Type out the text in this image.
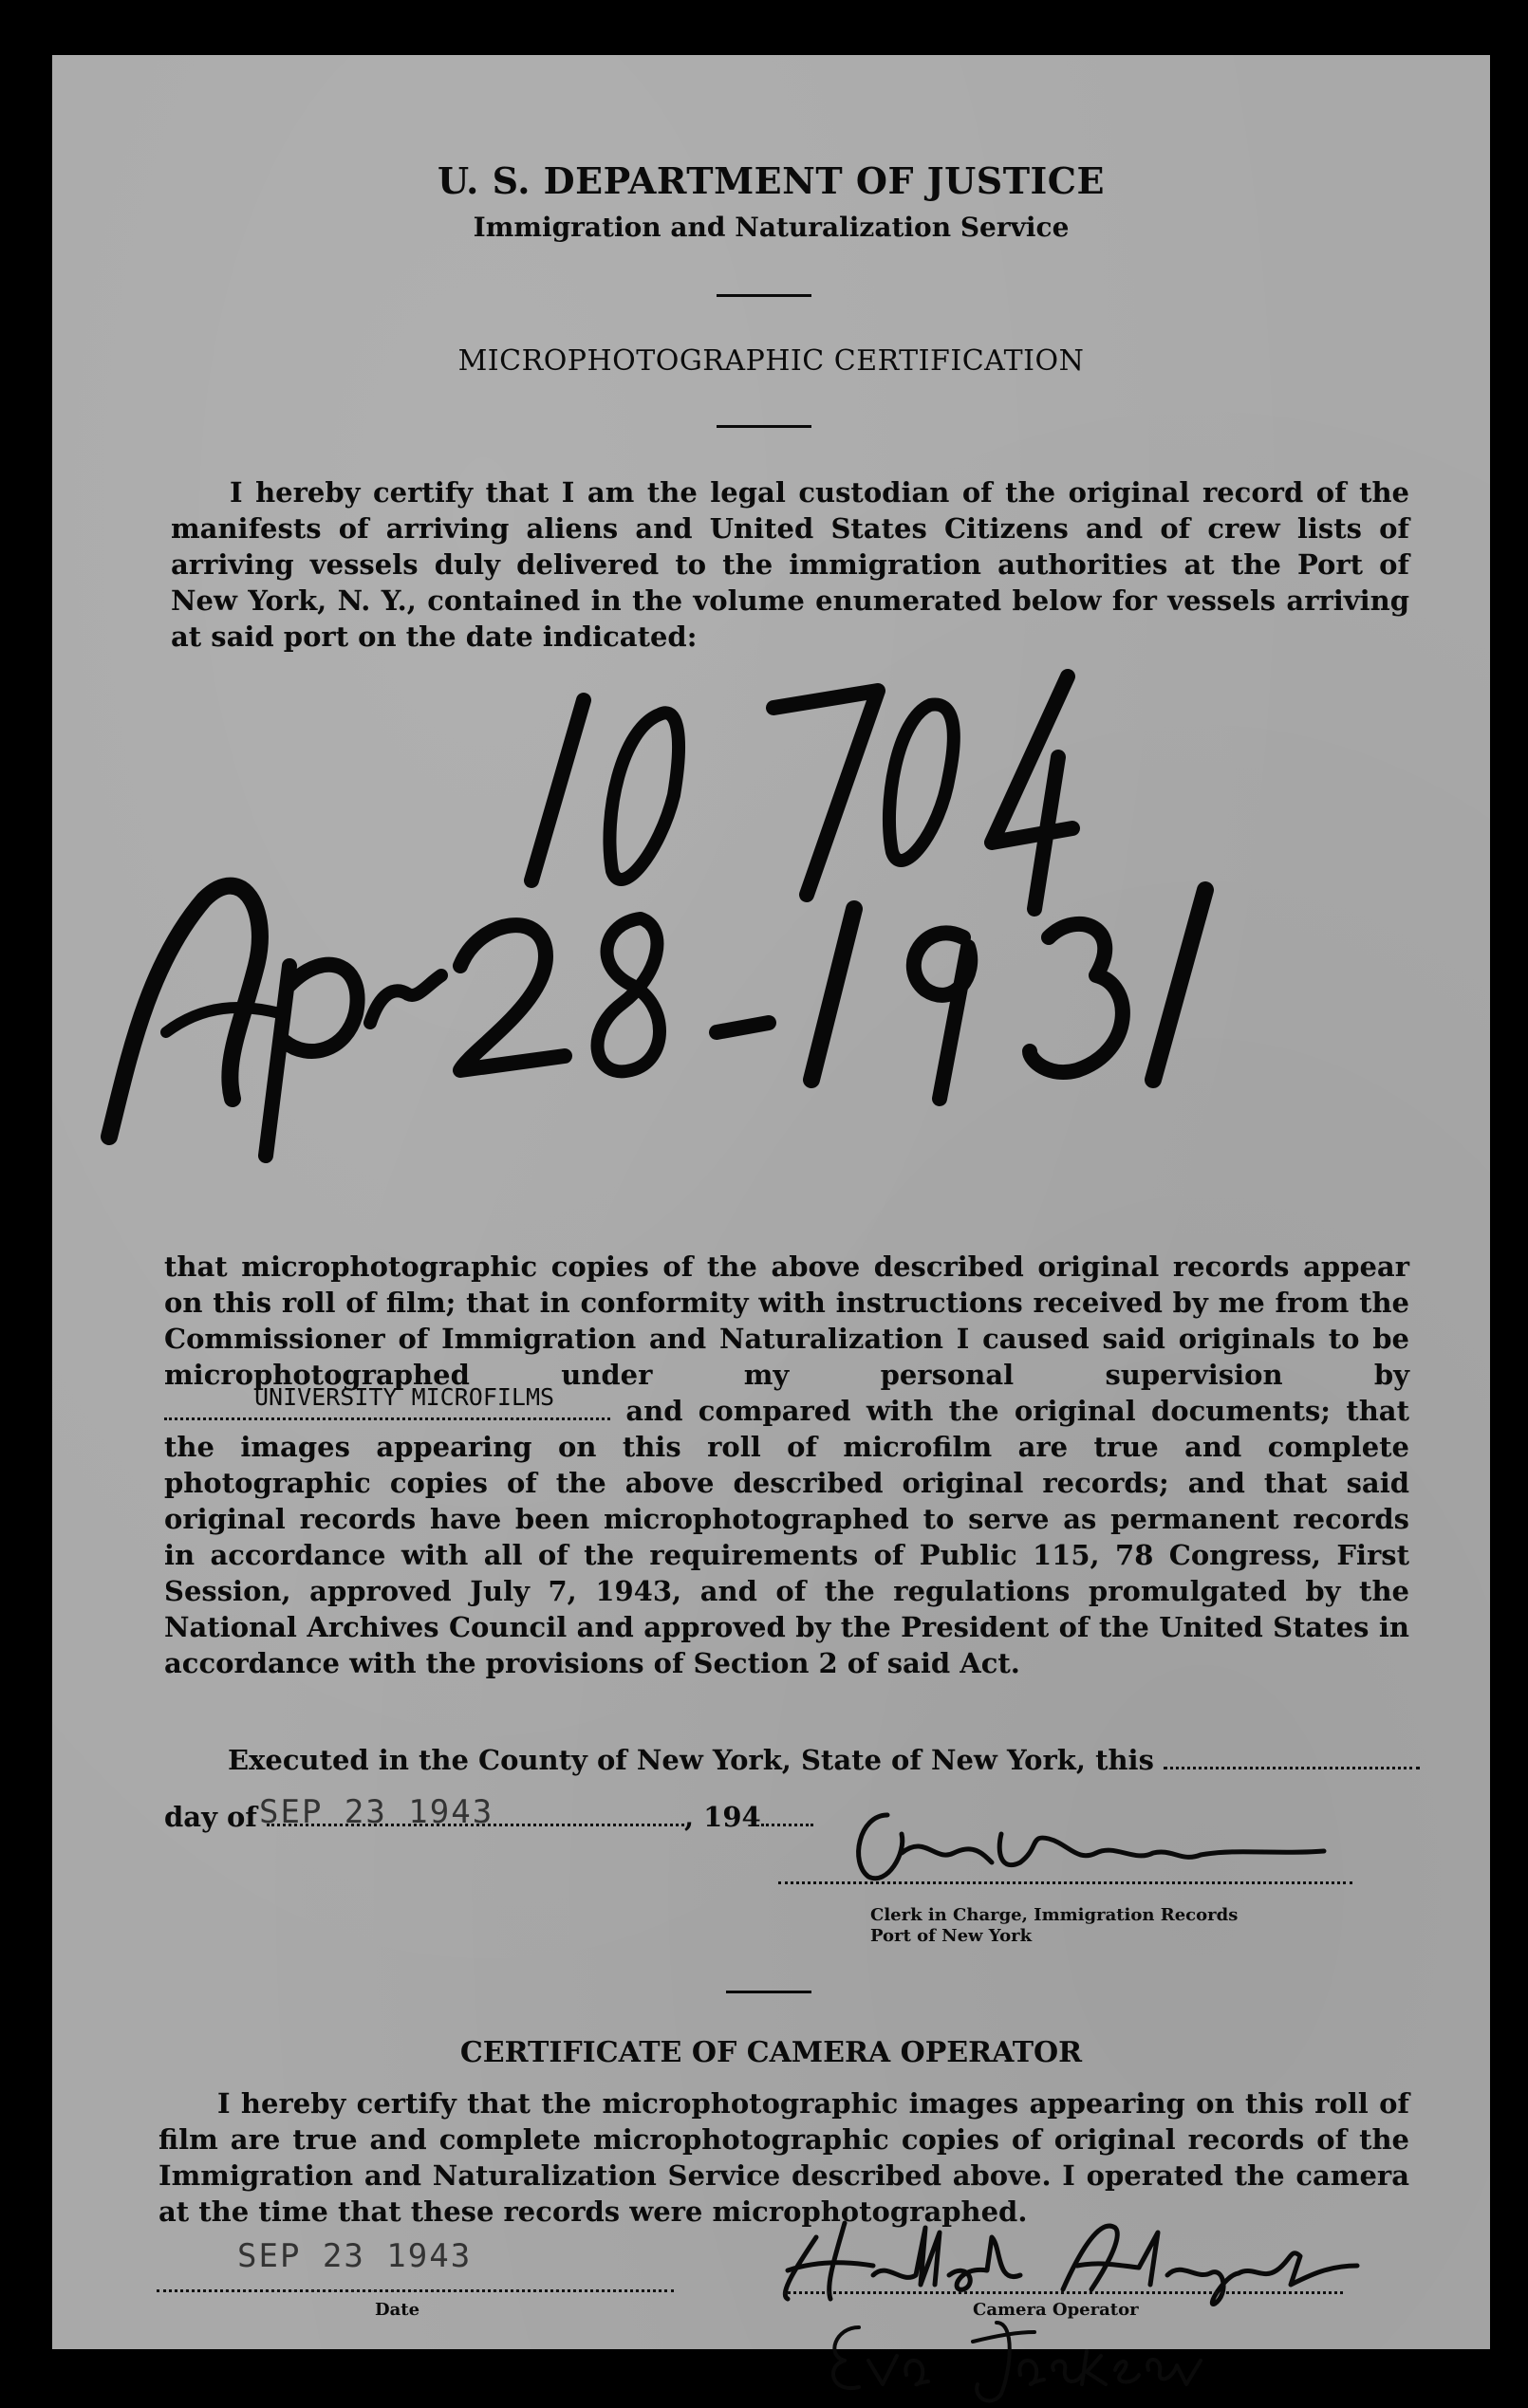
U. S. DEPARTMENT OF JUSTICE
Immigration and Naturalization Service
MICROPHOTOGRAPHIC CERTIFICATION
I hereby certify that I am the legal custodian of the original record of the manifests of arriving aliens and United States Citizens and of crew lists of arriving vessels duly delivered to the immigration authorities at the Port of New York, N. Y., contained in the volume enumerated below for vessels arriving at said port on the date indicated:
that microphotographic copies of the above described original records appear on this roll of film; that in conformity with instructions received by me from the Commissioner of Immigration and Naturalization I caused said originals to be microphotographed under my personal supervision by
UNIVERSITY MICROFILMS	and compared with the original documents; that the images appearing on this roll of microfilm are true and complete photographic copies of the above described original records; and that said original records have been microphotographed to serve as permanent records in accordance with all of the requirements of Public 115, 78 Congress, First Session, approved July 7, 1943, and of the regulations promulgated by the National Archives Council and approved by the President of the United States in accordance with the provisions of Section 2 of said Act.
Executed in the County of New York, State of New York, this
day of	, 194
SEP 23 1943
Clerk in Charge, Immigration Records
Port of New York
CERTIFICATE OF CAMERA OPERATOR
I hereby certify that the microphotographic images appearing on this roll of film are true and complete microphotographic copies of original records of the Immigration and Naturalization Service described above. I operated the camera at the time that these records were microphotographed.
SEP 23 1943
Date	Camera Operator
